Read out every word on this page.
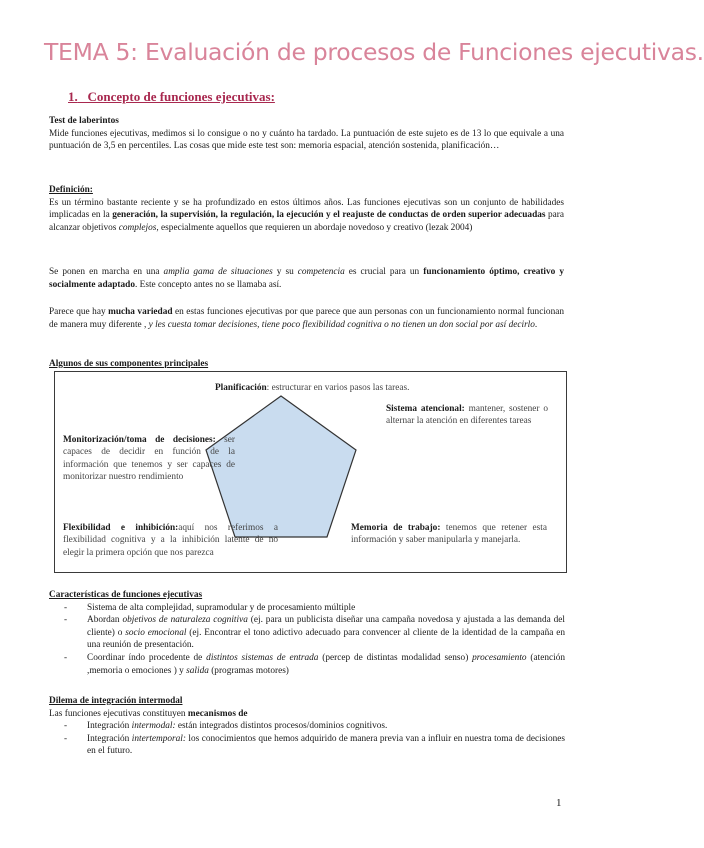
TEMA 5: Evaluación de procesos de Funciones ejecutivas.
1. Concepto de funciones ejecutivas:
Test de laberintos
Mide funciones ejecutivas, medimos si lo consigue o no y cuánto ha tardado. La puntuación de este sujeto es de 13 lo que equivale a una puntuación de 3,5 en percentiles. Las cosas que mide este test son: memoria espacial, atención sostenida, planificación…
Definición:
Es un término bastante reciente y se ha profundizado en estos últimos años. Las funciones ejecutivas son un conjunto de habilidades implicadas en la generación, la supervisión, la regulación, la ejecución y el reajuste de conductas de orden superior adecuadas para alcanzar objetivos complejos, especialmente aquellos que requieren un abordaje novedoso y creativo (lezak 2004)
Se ponen en marcha en una amplia gama de situaciones y su competencia es crucial para un funcionamiento óptimo, creativo y socialmente adaptado. Este concepto antes no se llamaba así.
Parece que hay mucha variedad en estas funciones ejecutivas por que parece que aun personas con un funcionamiento normal funcionan de manera muy diferente , y les cuesta tomar decisiones, tiene poco flexibilidad cognitiva o no tienen un don social por así decirlo.
Algunos de sus componentes principales
Planificación: estructurar en varios pasos las tareas.
Sistema atencional: mantener, sostener o alternar la atención en diferentes tareas
Monitorización/toma de decisiones: ser capaces de decidir en función de la información que tenemos y ser capaces de monitorizar nuestro rendimiento
Flexibilidad e inhibición:aquí nos referimos a flexibilidad cognitiva y a la inhibición latente de no elegir la primera opción que nos parezca
Memoria de trabajo: tenemos que retener esta información y saber manipularla y manejarla.
Características de funciones ejecutivas
- Sistema de alta complejidad, supramodular y de procesamiento múltiple
- Abordan objetivos de naturaleza cognitiva (ej. para un publicista diseñar una campaña novedosa y ajustada a las demanda del cliente) o socio emocional (ej. Encontrar el tono adictivo adecuado para convencer al cliente de la identidad de la campaña en una reunión de presentación.
- Coordinar índo procedente de distintos sistemas de entrada (percep de distintas modalidad senso) procesamiento (atención ,memoria o emociones ) y salida (programas motores)
Dilema de integración intermodal
Las funciones ejecutivas constituyen mecanismos de
- Integración intermodal: están integrados distintos procesos/dominios cognitivos.
- Integración intertemporal: los conocimientos que hemos adquirido de manera previa van a influir en nuestra toma de decisiones en el futuro.
1
